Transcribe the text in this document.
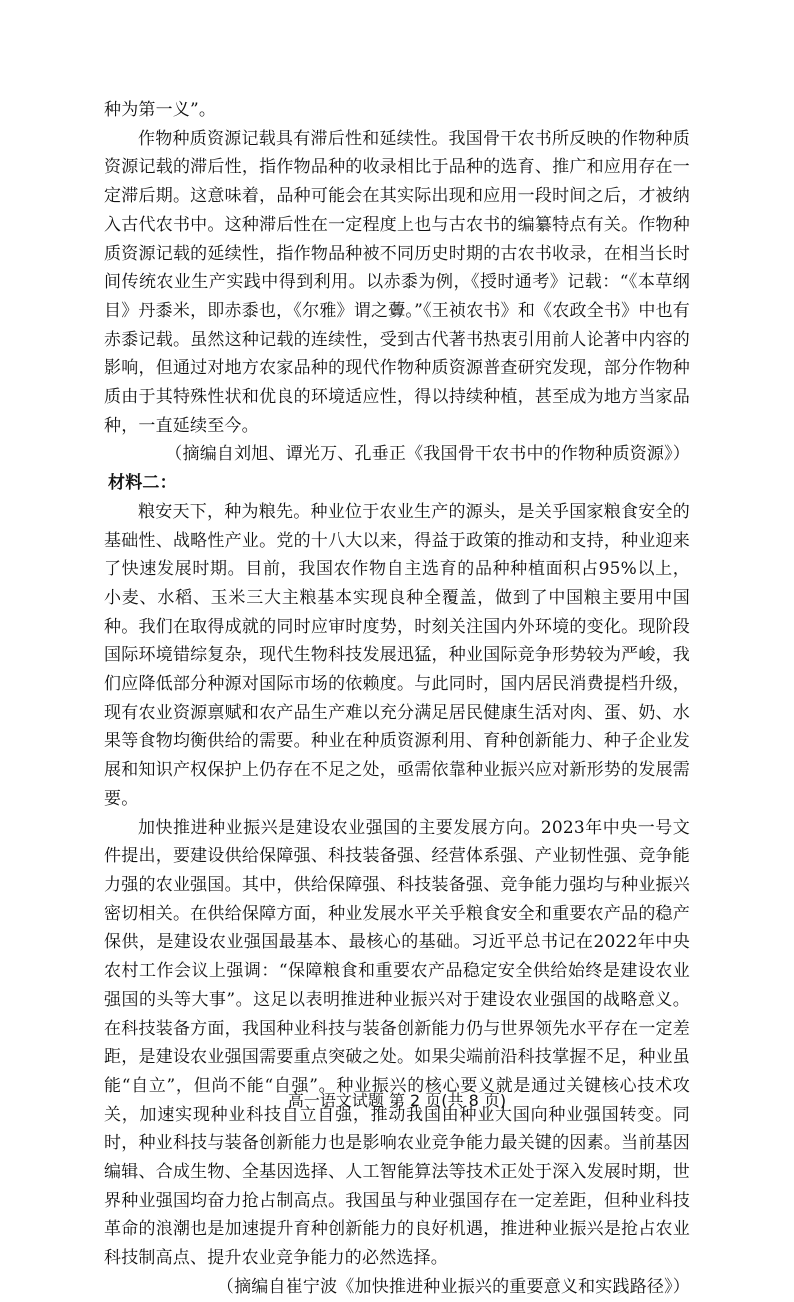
种为第一义”。

作物种质资源记载具有滞后性和延续性。我国骨干农书所反映的作物种质资源记载的滞后性，指作物品种的收录相比于品种的选育、推广和应用存在一定滞后期。这意味着，品种可能会在其实际出现和应用一段时间之后，才被纳入古代农书中。这种滞后性在一定程度上也与古农书的编纂特点有关。作物种质资源记载的延续性，指作物品种被不同历史时期的古农书收录，在相当长时间传统农业生产实践中得到利用。以赤黍为例，《授时通考》记载：“《本草纲目》丹黍米，即赤黍也，《尔雅》谓之虋。”《王祯农书》和《农政全书》中也有赤黍记载。虽然这种记载的连续性，受到古代著书热衷引用前人论著中内容的影响，但通过对地方农家品种的现代作物种质资源普查研究发现，部分作物种质由于其特殊性状和优良的环境适应性，得以持续种植，甚至成为地方当家品种，一直延续至今。

（摘编自刘旭、谭光万、孔垂正《我国骨干农书中的作物种质资源》）

材料二：

粮安天下，种为粮先。种业位于农业生产的源头，是关乎国家粮食安全的基础性、战略性产业。党的十八大以来，得益于政策的推动和支持，种业迎来了快速发展时期。目前，我国农作物自主选育的品种种植面积占95%以上，小麦、水稻、玉米三大主粮基本实现良种全覆盖，做到了中国粮主要用中国种。我们在取得成就的同时应审时度势，时刻关注国内外环境的变化。现阶段国际环境错综复杂，现代生物科技发展迅猛，种业国际竞争形势较为严峻，我们应降低部分种源对国际市场的依赖度。与此同时，国内居民消费提档升级，现有农业资源禀赋和农产品生产难以充分满足居民健康生活对肉、蛋、奶、水果等食物均衡供给的需要。种业在种质资源利用、育种创新能力、种子企业发展和知识产权保护上仍存在不足之处，亟需依靠种业振兴应对新形势的发展需要。

加快推进种业振兴是建设农业强国的主要发展方向。2023年中央一号文件提出，要建设供给保障强、科技装备强、经营体系强、产业韧性强、竞争能力强的农业强国。其中，供给保障强、科技装备强、竞争能力强均与种业振兴密切相关。在供给保障方面，种业发展水平关乎粮食安全和重要农产品的稳产保供，是建设农业强国最基本、最核心的基础。习近平总书记在2022年中央农村工作会议上强调：“保障粮食和重要农产品稳定安全供给始终是建设农业强国的头等大事”。这足以表明推进种业振兴对于建设农业强国的战略意义。在科技装备方面，我国种业科技与装备创新能力仍与世界领先水平存在一定差距，是建设农业强国需要重点突破之处。如果尖端前沿科技掌握不足，种业虽能“自立”，但尚不能“自强”。种业振兴的核心要义就是通过关键核心技术攻关，加速实现种业科技自立自强，推动我国由种业大国向种业强国转变。同时，种业科技与装备创新能力也是影响农业竞争能力最关键的因素。当前基因编辑、合成生物、全基因选择、人工智能算法等技术正处于深入发展时期，世界种业强国均奋力抢占制高点。我国虽与种业强国存在一定差距，但种业科技革命的浪潮也是加速提升育种创新能力的良好机遇，推进种业振兴是抢占农业科技制高点、提升农业竞争能力的必然选择。

（摘编自崔宁波《加快推进种业振兴的重要意义和实践路径》）

高一语文试题 第 2 页(共 8 页)
